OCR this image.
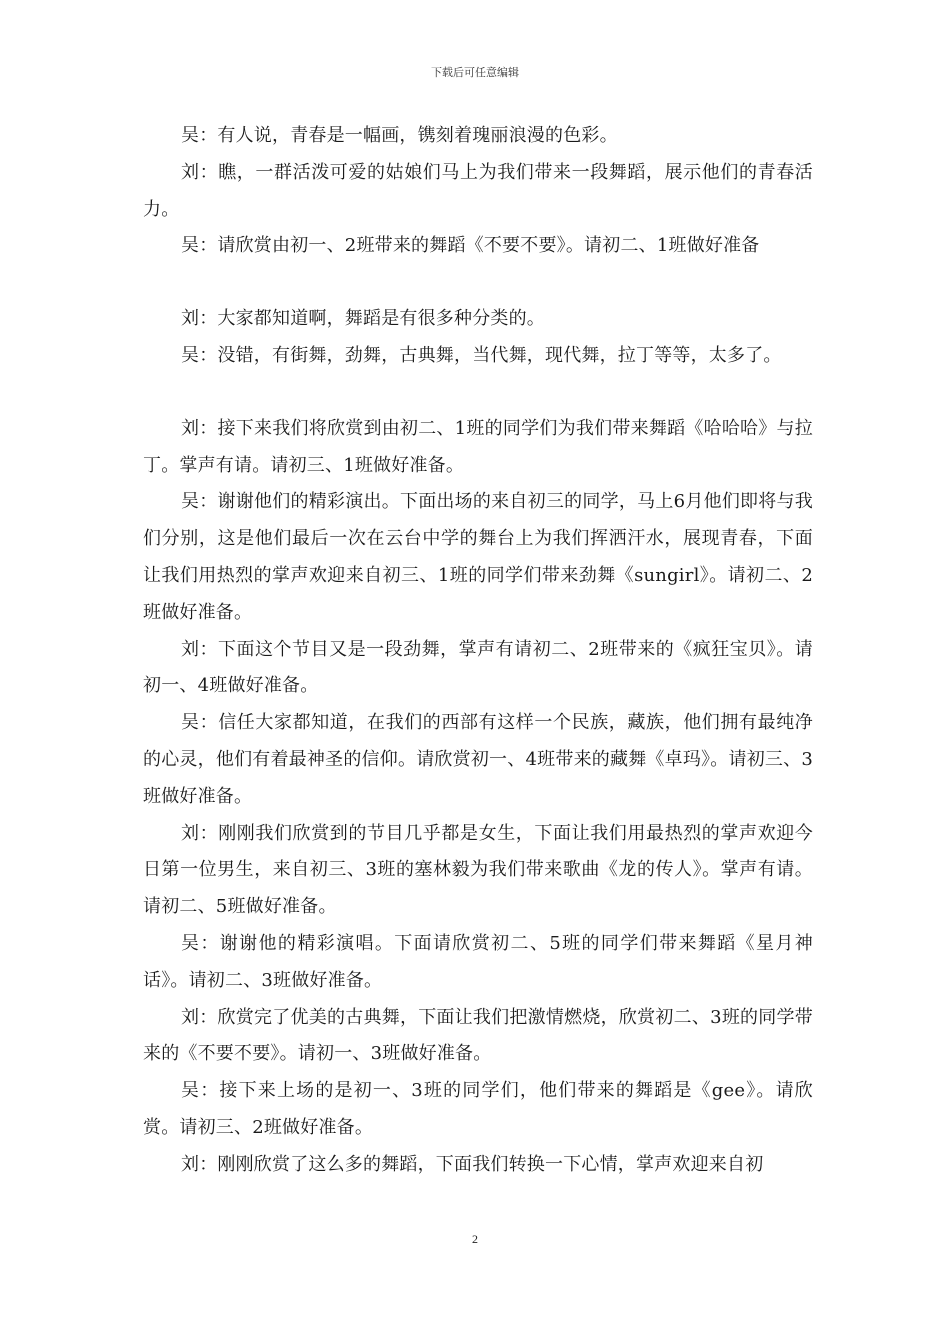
下载后可任意编辑

吴：有人说，青春是一幅画，镌刻着瑰丽浪漫的色彩。

刘：瞧，一群活泼可爱的姑娘们马上为我们带来一段舞蹈，展示他们的青春活力。

吴：请欣赏由初一、2班带来的舞蹈《不要不要》。请初二、1班做好准备

刘：大家都知道啊，舞蹈是有很多种分类的。

吴：没错，有街舞，劲舞，古典舞，当代舞，现代舞，拉丁等等，太多了。

刘：接下来我们将欣赏到由初二、1班的同学们为我们带来舞蹈《哈哈哈》与拉丁。掌声有请。请初三、1班做好准备。

吴：谢谢他们的精彩演出。下面出场的来自初三的同学，马上6月他们即将与我们分别，这是他们最后一次在云台中学的舞台上为我们挥洒汗水，展现青春，下面让我们用热烈的掌声欢迎来自初三、1班的同学们带来劲舞《sungirl》。请初二、2班做好准备。

刘：下面这个节目又是一段劲舞，掌声有请初二、2班带来的《疯狂宝贝》。请初一、4班做好准备。

吴：信任大家都知道，在我们的西部有这样一个民族，藏族，他们拥有最纯净的心灵，他们有着最神圣的信仰。请欣赏初一、4班带来的藏舞《卓玛》。请初三、3班做好准备。

刘：刚刚我们欣赏到的节目几乎都是女生，下面让我们用最热烈的掌声欢迎今日第一位男生，来自初三、3班的塞林毅为我们带来歌曲《龙的传人》。掌声有请。请初二、5班做好准备。

吴：谢谢他的精彩演唱。下面请欣赏初二、5班的同学们带来舞蹈《星月神话》。请初二、3班做好准备。

刘：欣赏完了优美的古典舞，下面让我们把激情燃烧，欣赏初二、3班的同学带来的《不要不要》。请初一、3班做好准备。

吴：接下来上场的是初一、3班的同学们，他们带来的舞蹈是《gee》。请欣赏。请初三、2班做好准备。

刘：刚刚欣赏了这么多的舞蹈，下面我们转换一下心情，掌声欢迎来自初

2
